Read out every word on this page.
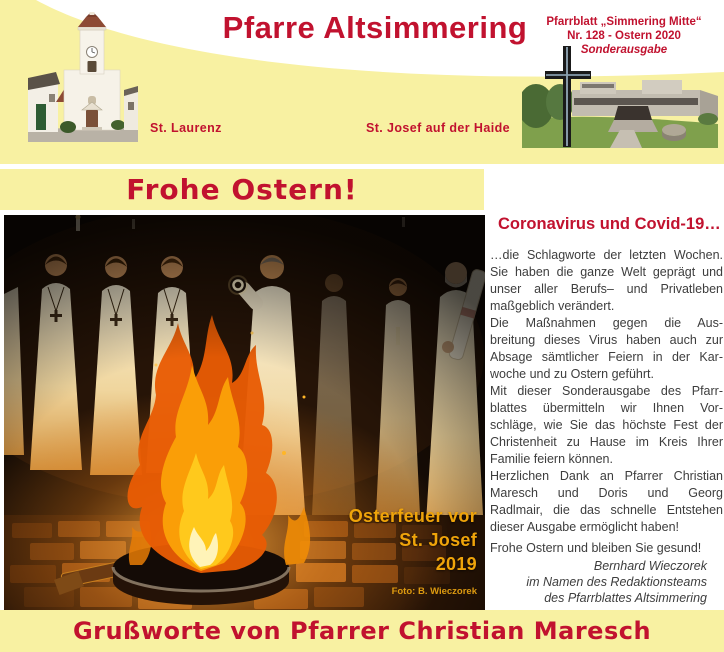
Pfarre Altsimmering	Pfarrblatt „Simmering Mitte“
Nr. 128 - Ostern 2020
Sonderausgabe
St. Laurenz	St. Josef auf der Haide
Frohe Ostern!
Osterfeuer vor
St. Josef
2019
Foto: B. Wieczorek
Coronavirus und Covid-19…
…die Schlagworte der letzten Wochen.
Sie haben die ganze Welt geprägt und
unser aller Berufs– und Privatleben
maßgeblich verändert.
Die Maßnahmen gegen die Aus-
breitung dieses Virus haben auch zur
Absage sämtlicher Feiern in der Kar-
woche und zu Ostern geführt.
Mit dieser Sonderausgabe des Pfarr-
blattes übermitteln wir Ihnen Vor-
schläge, wie Sie das höchste Fest der
Christenheit zu Hause im Kreis Ihrer
Familie feiern können.
Herzlichen Dank an Pfarrer Christian
Maresch und Doris und Georg
Radlmair, die das schnelle Entstehen
dieser Ausgabe ermöglicht haben!
Frohe Ostern und bleiben Sie gesund!
Bernhard Wieczorek
im Namen des Redaktionsteams
des Pfarrblattes Altsimmering
Grußworte von Pfarrer Christian Maresch
